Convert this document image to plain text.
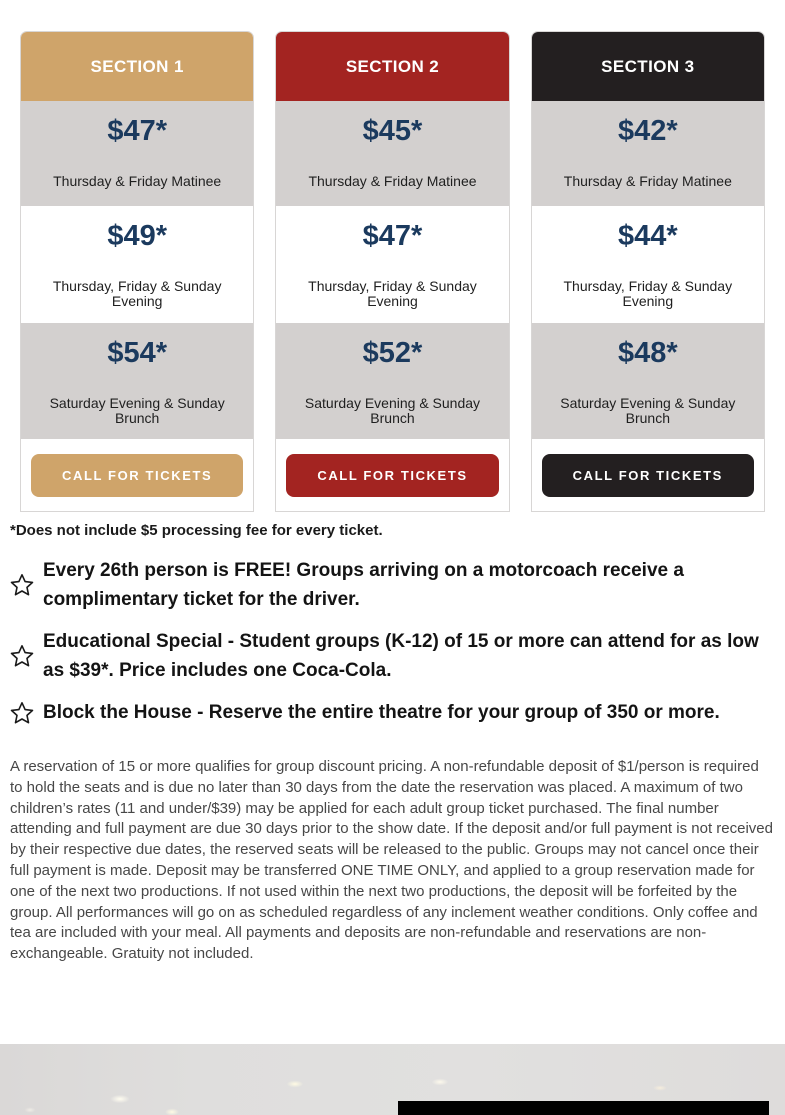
SECTION 1
$47*
Thursday & Friday Matinee
$49*
Thursday, Friday & Sunday Evening
$54*
Saturday Evening & Sunday Brunch
CALL FOR TICKETS
SECTION 2
$45*
Thursday & Friday Matinee
$47*
Thursday, Friday & Sunday Evening
$52*
Saturday Evening & Sunday Brunch
CALL FOR TICKETS
SECTION 3
$42*
Thursday & Friday Matinee
$44*
Thursday, Friday & Sunday Evening
$48*
Saturday Evening & Sunday Brunch
CALL FOR TICKETS
*Does not include $5 processing fee for every ticket.
Every 26th person is FREE! Groups arriving on a motorcoach receive a complimentary ticket for the driver.
Educational Special - Student groups (K-12) of 15 or more can attend for as low as $39*. Price includes one Coca-Cola.
Block the House - Reserve the entire theatre for your group of 350 or more.
A reservation of 15 or more qualifies for group discount pricing. A non-refundable deposit of $1/person is required to hold the seats and is due no later than 30 days from the date the reservation was placed. A maximum of two children’s rates (11 and under/$39) may be applied for each adult group ticket purchased. The final number attending and full payment are due 30 days prior to the show date. If the deposit and/or full payment is not received by their respective due dates, the reserved seats will be released to the public. Groups may not cancel once their full payment is made. Deposit may be transferred ONE TIME ONLY, and applied to a group reservation made for one of the next two productions. If not used within the next two productions, the deposit will be forfeited by the group. All performances will go on as scheduled regardless of any inclement weather conditions. Only coffee and tea are included with your meal. All payments and deposits are non-refundable and reservations are non-exchangeable. Gratuity not included.
